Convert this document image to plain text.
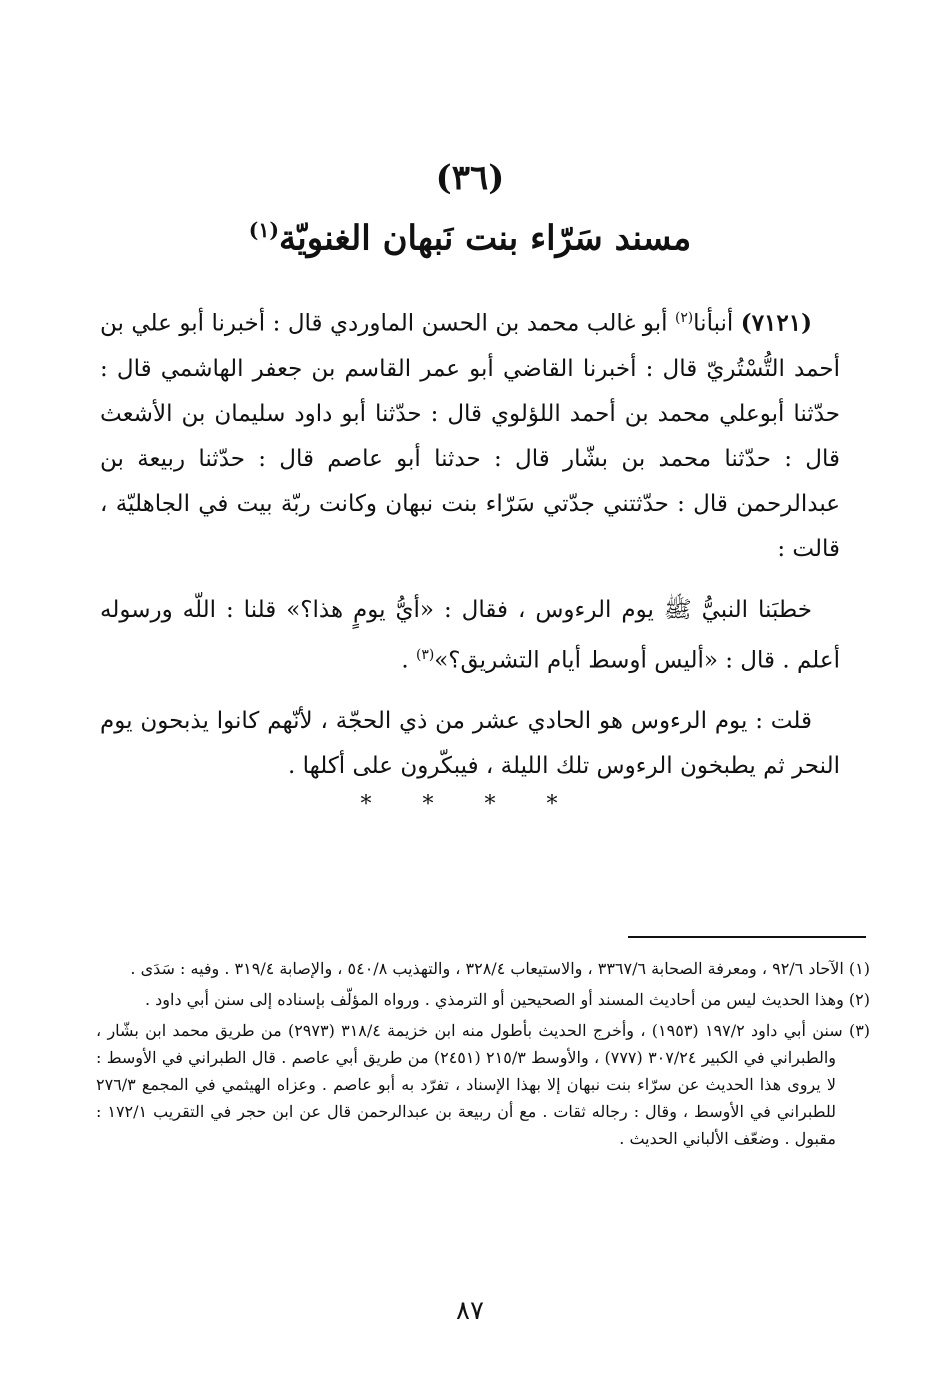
(٣٦)
مسند سَرّاء بنت نَبهان الغنويّة$^{(١)}$

(٧١٢١) أنبأنا$^{(٢)}$ أبو غالب محمد بن الحسن الماوردي قال : أخبرنا أبو علي بن أحمد التُّسْتُريّ قال : أخبرنا القاضي أبو عمر القاسم بن جعفر الهاشمي قال : حدّثنا أبوعلي محمد بن أحمد اللؤلوي قال : حدّثنا أبو داود سليمان بن الأشعث قال : حدّثنا محمد بن بشّار قال : حدثنا أبو عاصم قال : حدّثنا ربيعة بن عبدالرحمن قال : حدّثتني جدّتي سَرّاء بنت نبهان وكانت ربّة بيت في الجاهليّة ، قالت :

خطبَنا النبيُّ ﷺ يوم الرءوس ، فقال : «أيُّ يومٍ هذا؟» قلنا : اللّه ورسوله أعلم . قال : «أليس أوسط أيام التشريق؟»$^{(٣)}$ .

قلت : يوم الرءوس هو الحادي عشر من ذي الحجّة ، لأنّهم كانوا يذبحون يوم النحر ثم يطبخون الرءوس تلك الليلة ، فيبكّرون على أكلها .

* * * *

(١) الآحاد ٩٢/٦ ، ومعرفة الصحابة ٣٣٦٧/٦ ، والاستيعاب ٣٢٨/٤ ، والتهذيب ٥٤٠/٨ ، والإصابة ٣١٩/٤ . وفيه : سَدَى .

(٢) وهذا الحديث ليس من أحاديث المسند أو الصحيحين أو الترمذي . ورواه المؤلّف بإسناده إلى سنن أبي داود .

(٣) سنن أبي داود ١٩٧/٢ (١٩٥٣) ، وأخرج الحديث بأطول منه ابن خزيمة ٣١٨/٤ (٢٩٧٣) من طريق محمد ابن بشّار ، والطبراني في الكبير ٣٠٧/٢٤ (٧٧٧) ، والأوسط ٢١٥/٣ (٢٤٥١) من طريق أبي عاصم . قال الطبراني في الأوسط : لا يروى هذا الحديث عن سرّاء بنت نبهان إلا بهذا الإسناد ، تفرّد به أبو عاصم . وعزاه الهيثمي في المجمع ٢٧٦/٣ للطبراني في الأوسط ، وقال : رجاله ثقات . مع أن ربيعة بن عبدالرحمن قال عن ابن حجر في التقريب ١٧٢/١ : مقبول . وضعّف الألباني الحديث .

٨٧
